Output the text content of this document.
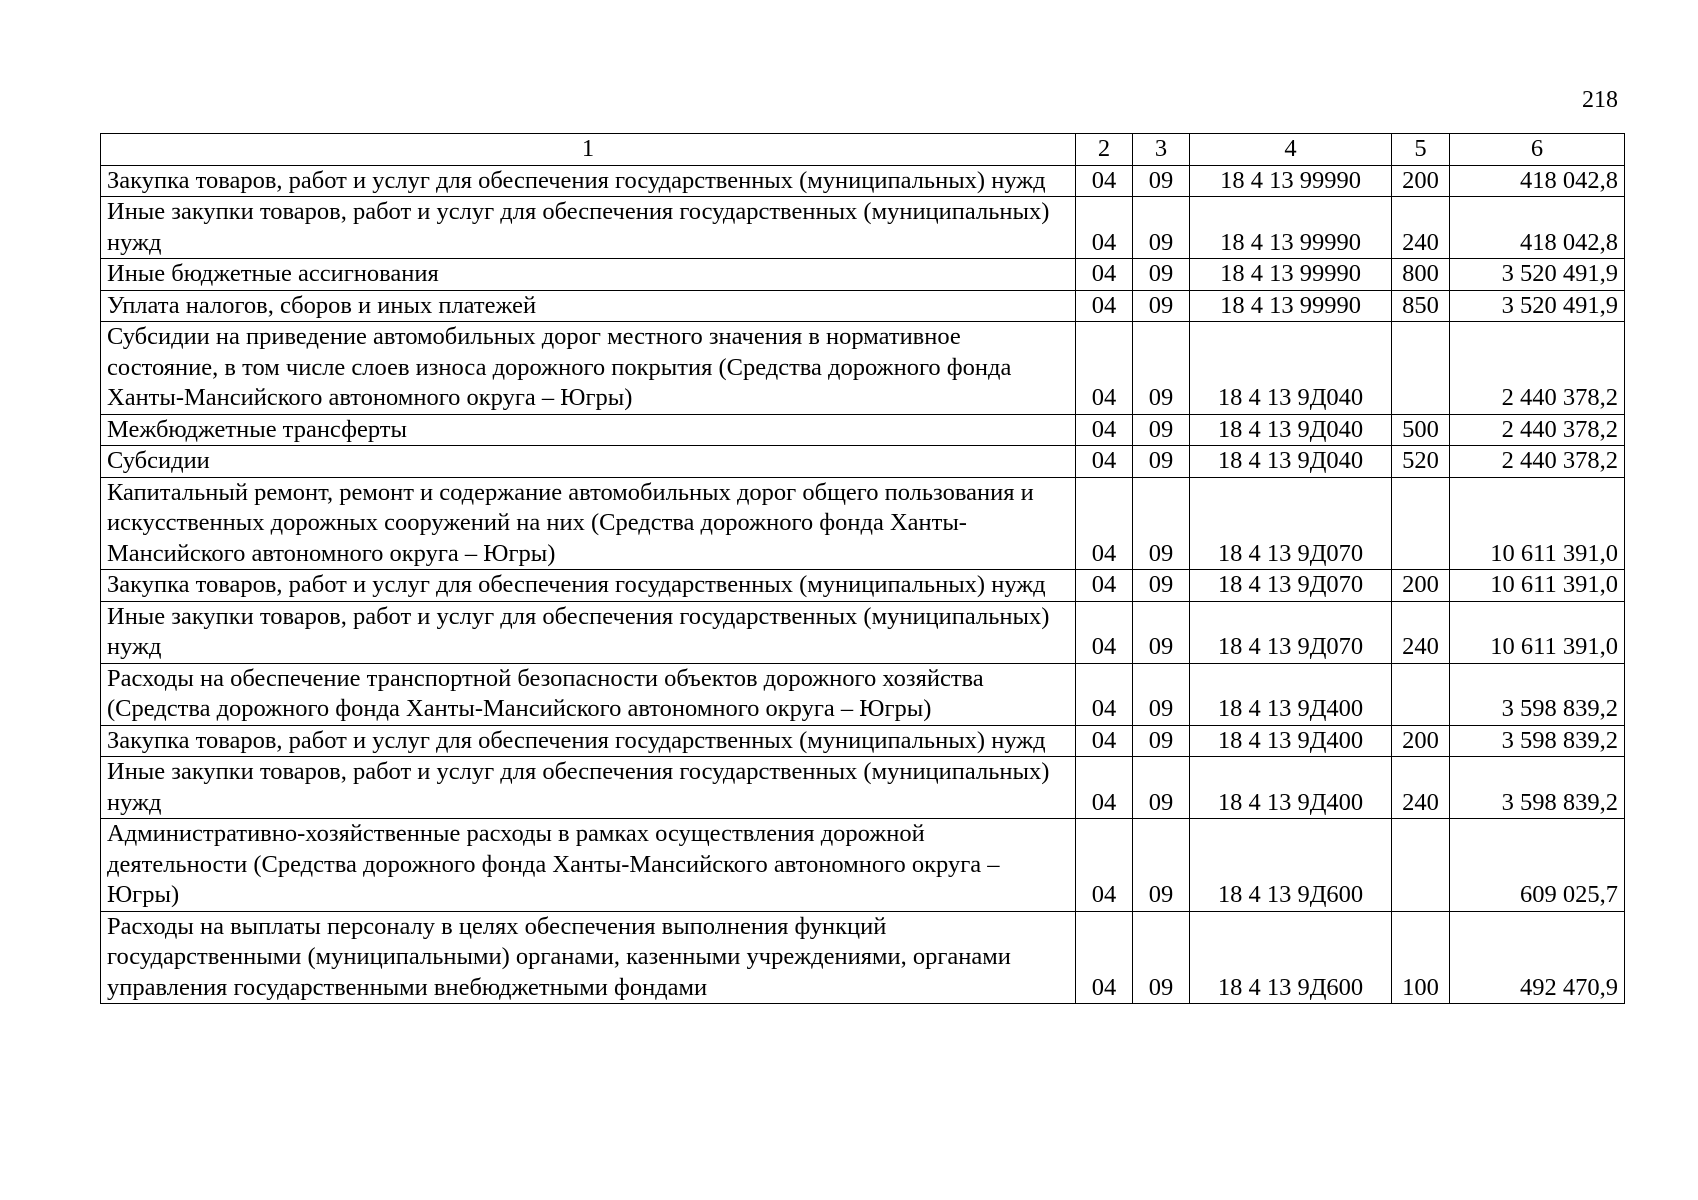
218
1	2	3	4	5	6
Закупка товаров, работ и услуг для обеспечения государственных (муниципальных) нужд	04	09	18 4 13 99990	200	418 042,8
Иные закупки товаров, работ и услуг для обеспечения государственных (муниципальных) нужд	04	09	18 4 13 99990	240	418 042,8
Иные бюджетные ассигнования	04	09	18 4 13 99990	800	3 520 491,9
Уплата налогов, сборов и иных платежей	04	09	18 4 13 99990	850	3 520 491,9
Субсидии на приведение автомобильных дорог местного значения в нормативное состояние, в том числе слоев износа дорожного покрытия (Средства дорожного фонда Ханты-Мансийского автономного округа – Югры)	04	09	18 4 13 9Д040		2 440 378,2
Межбюджетные трансферты	04	09	18 4 13 9Д040	500	2 440 378,2
Субсидии	04	09	18 4 13 9Д040	520	2 440 378,2
Капитальный ремонт, ремонт и содержание автомобильных дорог общего пользования и искусственных дорожных сооружений на них (Средства дорожного фонда Ханты-Мансийского автономного округа – Югры)	04	09	18 4 13 9Д070		10 611 391,0
Закупка товаров, работ и услуг для обеспечения государственных (муниципальных) нужд	04	09	18 4 13 9Д070	200	10 611 391,0
Иные закупки товаров, работ и услуг для обеспечения государственных (муниципальных) нужд	04	09	18 4 13 9Д070	240	10 611 391,0
Расходы на обеспечение транспортной безопасности объектов дорожного хозяйства (Средства дорожного фонда Ханты-Мансийского автономного округа – Югры)	04	09	18 4 13 9Д400		3 598 839,2
Закупка товаров, работ и услуг для обеспечения государственных (муниципальных) нужд	04	09	18 4 13 9Д400	200	3 598 839,2
Иные закупки товаров, работ и услуг для обеспечения государственных (муниципальных) нужд	04	09	18 4 13 9Д400	240	3 598 839,2
Административно-хозяйственные расходы в рамках осуществления дорожной деятельности (Средства дорожного фонда Ханты-Мансийского автономного округа – Югры)	04	09	18 4 13 9Д600		609 025,7
Расходы на выплаты персоналу в целях обеспечения выполнения функций государственными (муниципальными) органами, казенными учреждениями, органами управления государственными внебюджетными фондами	04	09	18 4 13 9Д600	100	492 470,9
